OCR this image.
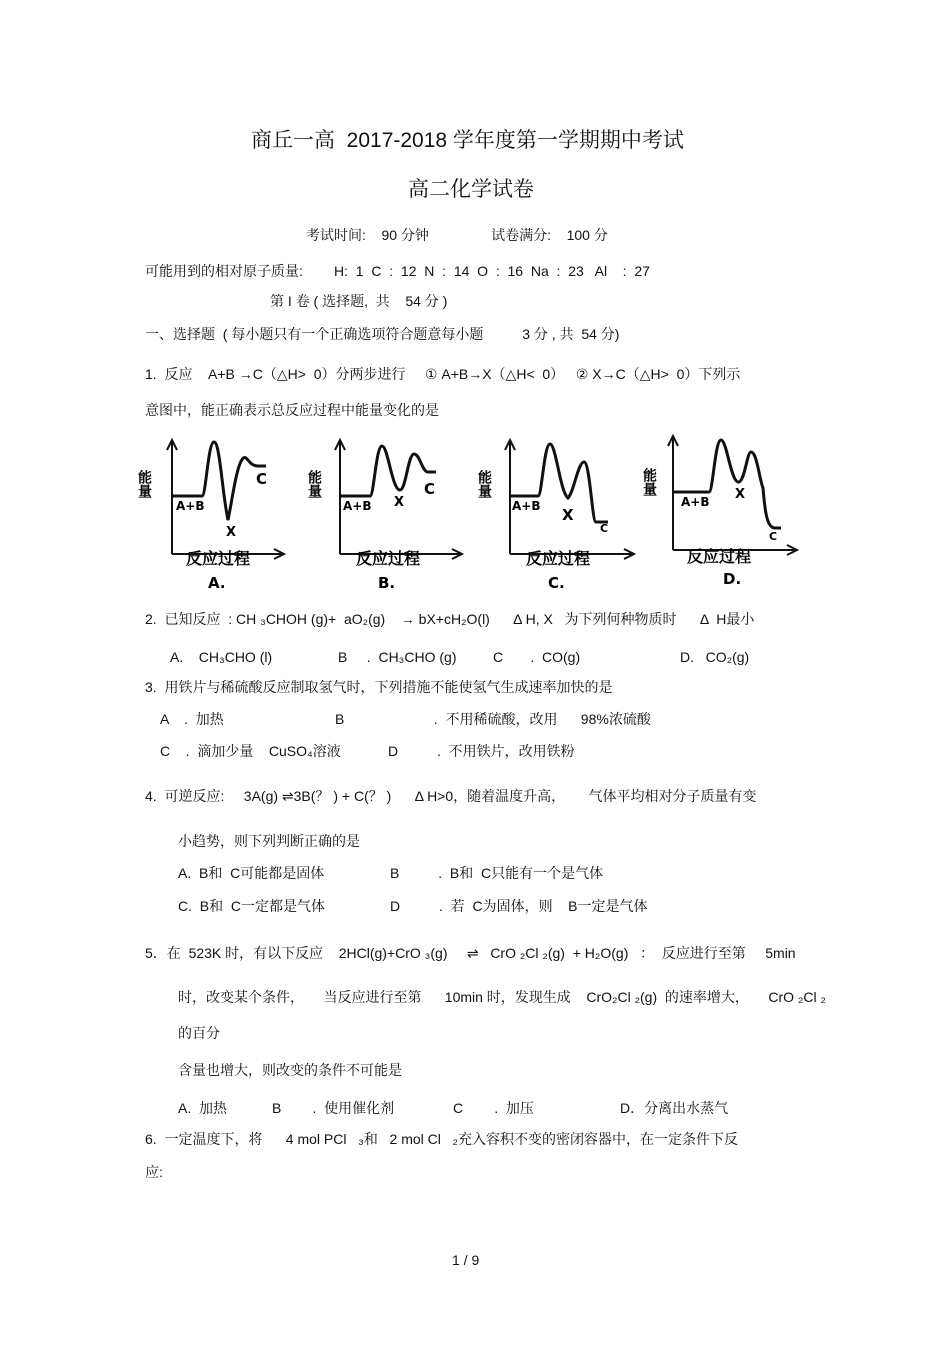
商丘一高  2017-2018 学年度第一学期期中考试
高二化学试卷
考试时间:    90 分钟                试卷满分:    100 分
可能用到的相对原子质量:        H:  1  C  :  12  N  :  14  O  :  16  Na  :  23   Al    :  27
第 I 卷 ( 选择题,  共    54 分 )
一、选择题  ( 每小题只有一个正确选项符合题意每小题          3 分 , 共  54 分)
1.  反应    A+B →C（△H>  0）分两步进行     ① A+B→X（△H<  0）   ② X→C（△H>  0）下列示
意图中，能正确表示总反应过程中能量变化的是
能量
A+B
X
C
反应过程
A.
能量
A+B X
C
反应过程
B.
能量
A+B X
C
反应过程
C.
能量
A+B X
C
反应过程
D.
2.  已知反应  : CH ₃CHOH (g)+  aO₂(g)    → bX+cH₂O(l)      Δ H, X   为下列何种物质时      Δ  H最小
A.    CH₃CHO (l)	B     .  CH₃CHO (g)	C       .  CO(g)	D.   CO₂(g)
3.  用铁片与稀硫酸反应制取氢气时，下列措施不能使氢气生成速率加快的是
A    .  加热	B                       .  不用稀硫酸，改用      98%浓硫酸
C    .  滴加少量    CuSO₄溶液	D          .  不用铁片，改用铁粉
4.  可逆反应:     3A(g) ⇌3B(？ ) + C(？ )      Δ H>0，随着温度升高，      气体平均相对分子质量有变
小趋势，则下列判断正确的是
A.  B和  C可能都是固体	B          .  B和  C只能有一个是气体
C.  B和  C一定都是气体	D          .  若  C为固体，则    B一定是气体
5．在  523K 时，有以下反应    2HCl(g)+CrO ₃(g)     ⇌   CrO ₂Cl ₂(g)  + H₂O(g)   ：  反应进行至第     5min
时，改变某个条件，     当反应进行至第      10min 时，发现生成    CrO₂Cl ₂(g)  的速率增大，     CrO ₂Cl ₂
的百分
含量也增大，则改变的条件不可能是
A.  加热	B        .  使用催化剂	C        .  加压	D．分离出水蒸气
6.  一定温度下，将      4 mol PCl   ₃和   2 mol Cl   ₂充入容积不变的密闭容器中，在一定条件下反
应:
1 / 9
